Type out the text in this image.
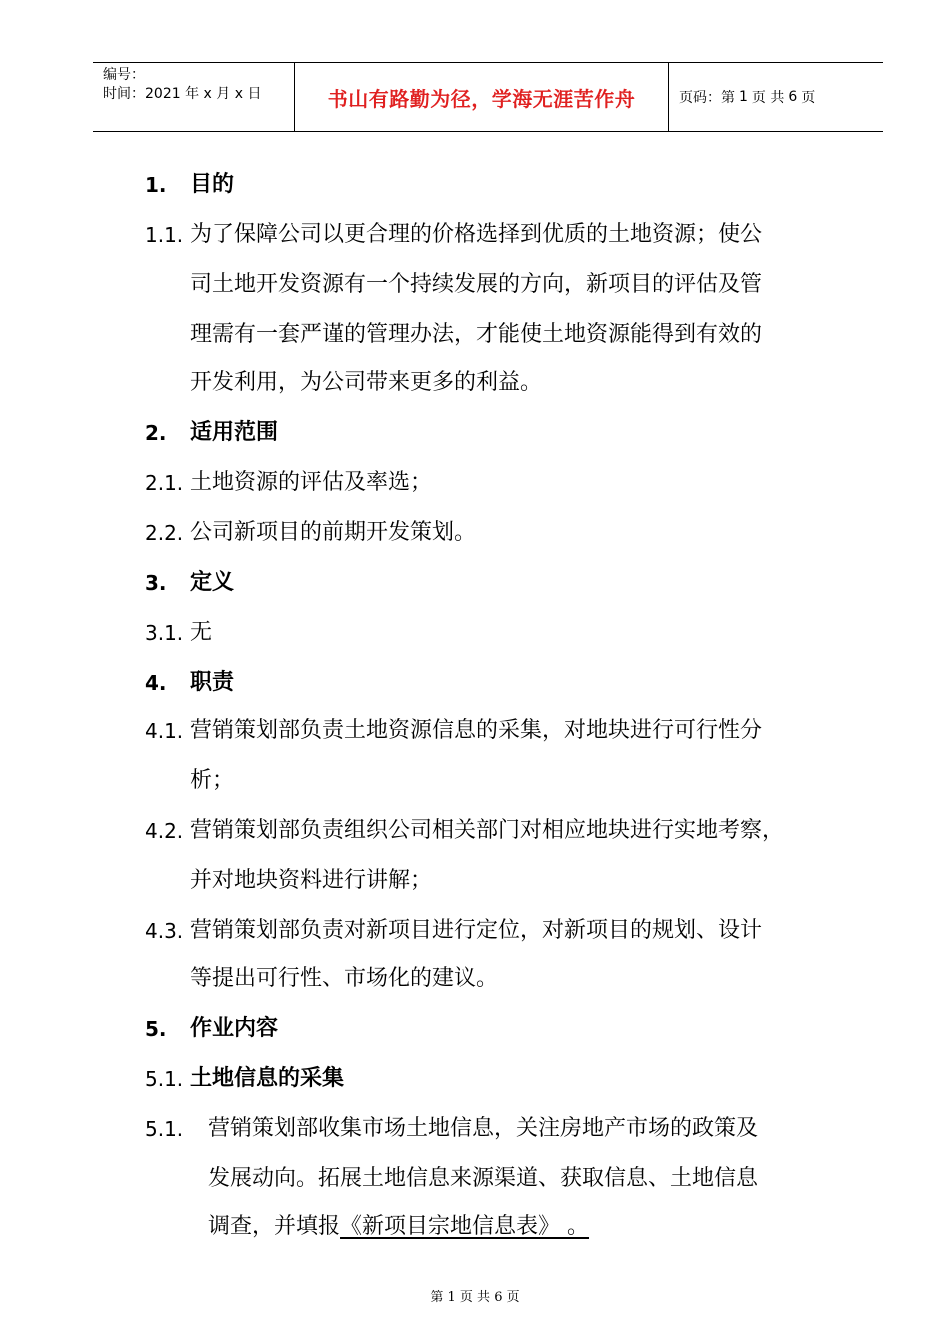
编号：
时间：2021 年 x 月 x 日	书山有路勤为径，学海无涯苦作舟	页码：第 1 页 共 6 页
1. 目的
1.1. 为了保障公司以更合理的价格选择到优质的土地资源；使公
司土地开发资源有一个持续发展的方向，新项目的评估及管
理需有一套严谨的管理办法，才能使土地资源能得到有效的
开发利用，为公司带来更多的利益。
2. 适用范围
2.1. 土地资源的评估及率选；
2.2. 公司新项目的前期开发策划。
3. 定义
3.1. 无
4. 职责
4.1. 营销策划部负责土地资源信息的采集，对地块进行可行性分
析；
4.2. 营销策划部负责组织公司相关部门对相应地块进行实地考察，
并对地块资料进行讲解；
4.3. 营销策划部负责对新项目进行定位，对新项目的规划、设计
等提出可行性、市场化的建议。
5. 作业内容
5.1. 土地信息的采集
5.1. 营销策划部收集市场土地信息，关注房地产市场的政策及
发展动向。拓展土地信息来源渠道、获取信息、土地信息
调查，并填报《新项目宗地信息表》 。
第 1 页 共 6 页
